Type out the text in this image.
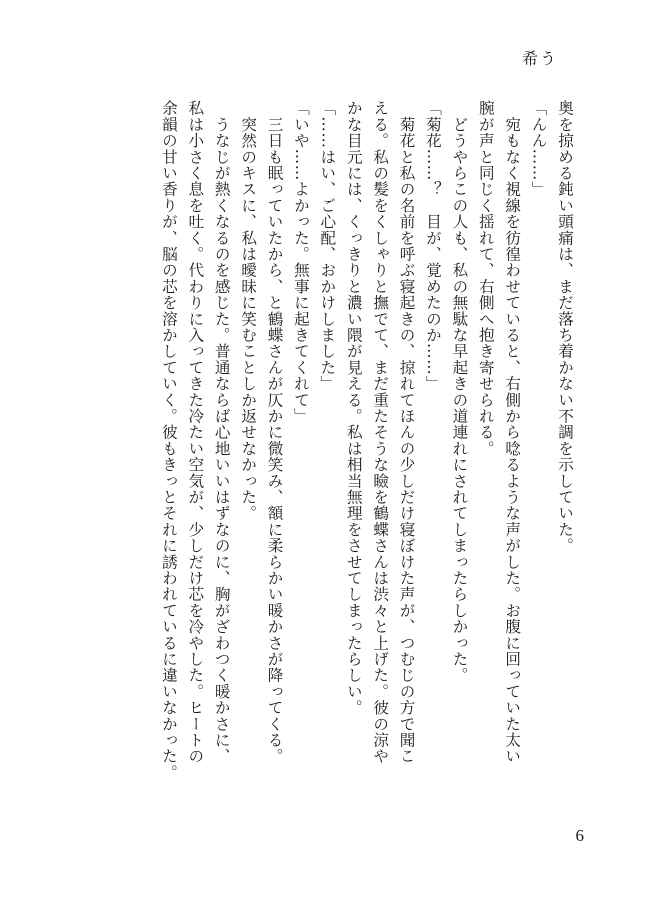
希う

奥を掠める鈍い頭痛は、まだ落ち着かない不調を示していた。

「んん……」

　宛もなく視線を彷徨わせていると、右側から唸るような声がした。お腹に回っていた太い

腕が声と同じく揺れて、右側へ抱き寄せられる。

　どうやらこの人も、私の無駄な早起きの道連れにされてしまったらしかった。

「菊花……？　目が、覚めたのか……」

　菊花と私の名前を呼ぶ寝起きの、掠れてほんの少しだけ寝ぼけた声が、つむじの方で聞こ

える。私の髪をくしゃりと撫でて、まだ重たそうな瞼を鶴蝶さんは渋々と上げた。彼の涼や

かな目元には、くっきりと濃い隈が見える。私は相当無理をさせてしまったらしい。

「……はい、ご心配、おかけしました」

「いや……よかった。無事に起きてくれて」

　三日も眠っていたから、と鶴蝶さんが仄かに微笑み、額に柔らかい暖かさが降ってくる。

　突然のキスに、私は曖昧に笑むことしか返せなかった。

　うなじが熱くなるのを感じた。普通ならば心地いいはずなのに、胸がざわつく暖かさに、

私は小さく息を吐く。代わりに入ってきた冷たい空気が、少しだけ芯を冷やした。ヒートの

余韻の甘い香りが、脳の芯を溶かしていく。彼もきっとそれに誘われているに違いなかった。

6
